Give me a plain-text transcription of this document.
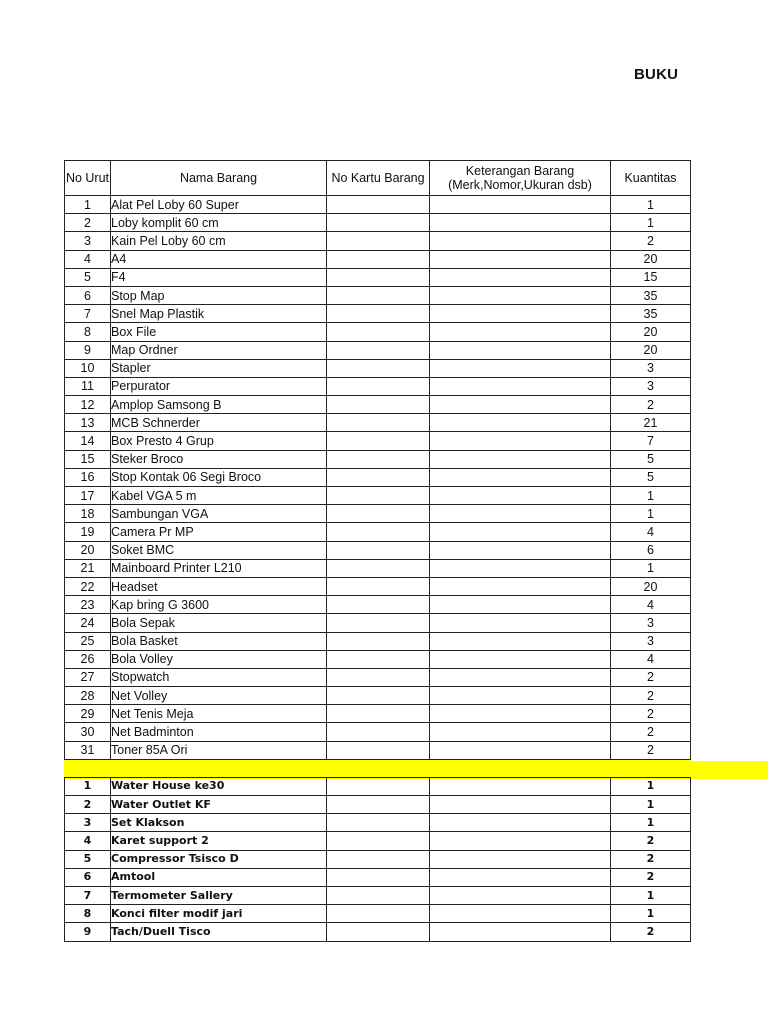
BUKU
No Urut	Nama Barang	No Kartu Barang	Keterangan Barang (Merk,Nomor,Ukuran dsb)	Kuantitas
1	Alat Pel Loby 60 Super			1
2	Loby komplit 60 cm			1
3	Kain Pel Loby 60 cm			2
4	A4			20
5	F4			15
6	Stop Map			35
7	Snel Map Plastik			35
8	Box File			20
9	Map Ordner			20
10	Stapler			3
11	Perpurator			3
12	Amplop Samsong B			2
13	MCB Schnerder			21
14	Box Presto 4 Grup			7
15	Steker Broco			5
16	Stop Kontak 06 Segi Broco			5
17	Kabel VGA 5 m			1
18	Sambungan VGA			1
19	Camera Pr MP			4
20	Soket BMC			6
21	Mainboard Printer L210			1
22	Headset			20
23	Kap bring G 3600			4
24	Bola Sepak			3
25	Bola Basket			3
26	Bola Volley			4
27	Stopwatch			2
28	Net Volley			2
29	Net Tenis Meja			2
30	Net Badminton			2
31	Toner 85A Ori			2

1	Water House ke30			1
2	Water Outlet KF			1
3	Set Klakson			1
4	Karet support 2			2
5	Compressor Tsisco D			2
6	Amtool			2
7	Termometer Sallery			1
8	Konci filter modif jari			1
9	Tach/Duell Tisco			2
